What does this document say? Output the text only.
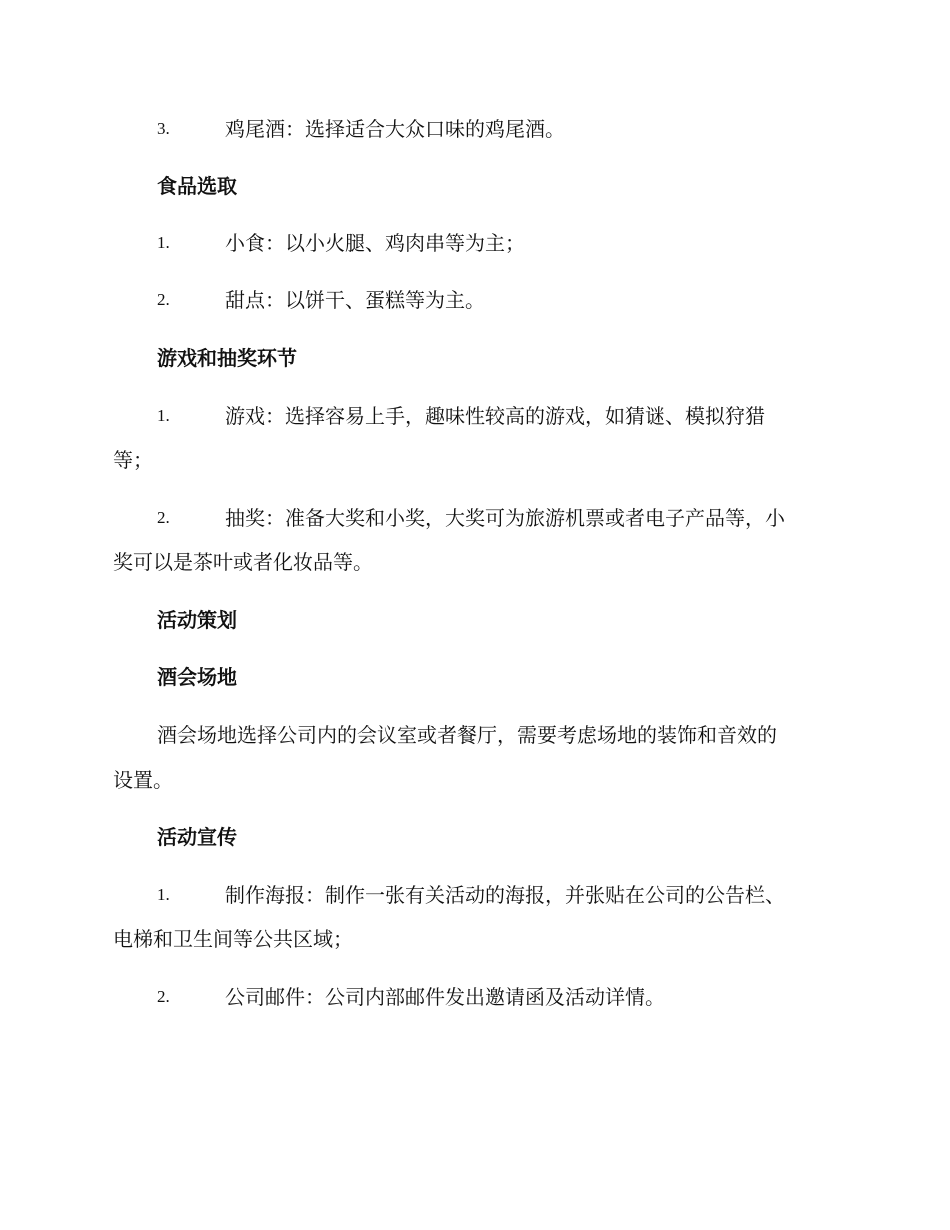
3.	鸡尾酒：选择适合大众口味的鸡尾酒。
食品选取
1.	小食：以小火腿、鸡肉串等为主；
2.	甜点：以饼干、蛋糕等为主。
游戏和抽奖环节
1.	游戏：选择容易上手，趣味性较高的游戏，如猜谜、模拟狩猎
等；
2.	抽奖：准备大奖和小奖，大奖可为旅游机票或者电子产品等，小
奖可以是茶叶或者化妆品等。
活动策划
酒会场地
酒会场地选择公司内的会议室或者餐厅，需要考虑场地的装饰和音效的
设置。
活动宣传
1.	制作海报：制作一张有关活动的海报，并张贴在公司的公告栏、
电梯和卫生间等公共区域；
2.	公司邮件：公司内部邮件发出邀请函及活动详情。
